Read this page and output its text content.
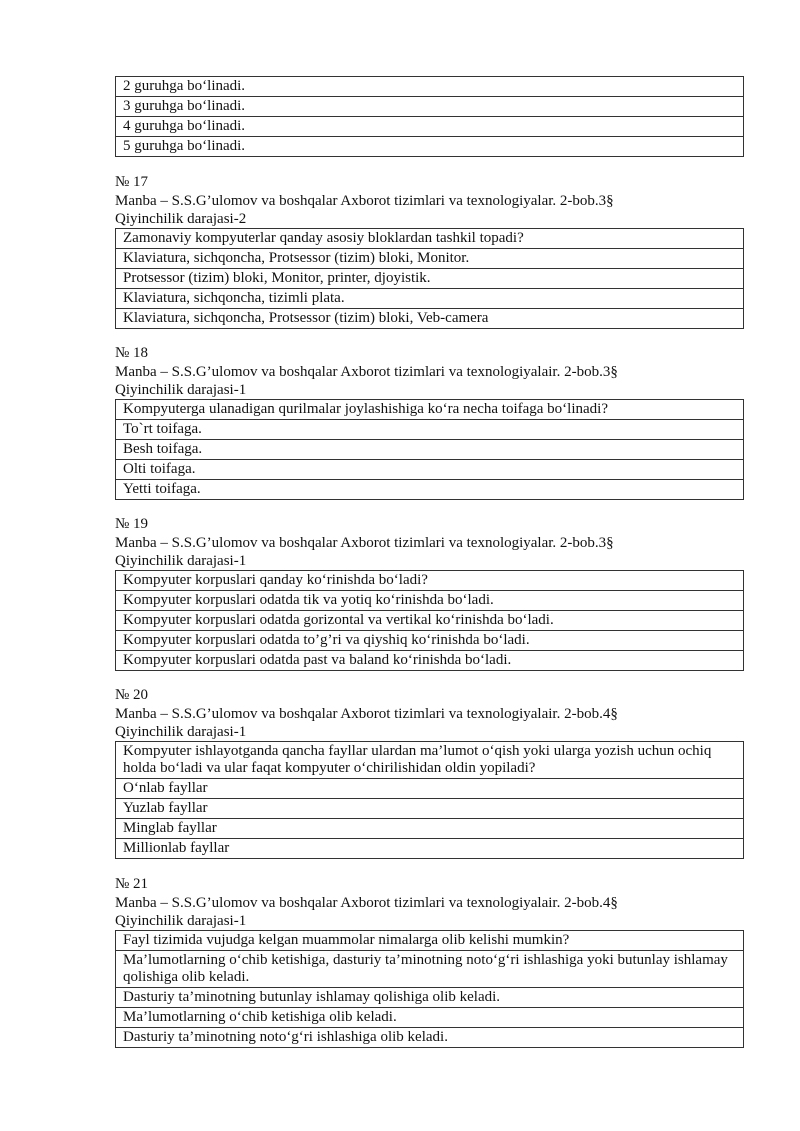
2 guruhga bo‘linadi.
3 guruhga bo‘linadi.
4 guruhga bo‘linadi.
5 guruhga bo‘linadi.
№ 17
Manba – S.S.G’ulomov va boshqalar Axborot tizimlari va texnologiyalar. 2-bob.3§
Qiyinchilik darajasi-2
Zamonaviy kompyuterlar qanday asosiy bloklardan tashkil topadi?
Klaviatura, sichqoncha, Protsessor (tizim) bloki, Monitor.
Protsessor (tizim) bloki, Monitor, printer, djoyistik.
Klaviatura, sichqoncha, tizimli plata.
Klaviatura, sichqoncha, Protsessor (tizim) bloki, Veb-camera
№ 18
Manba – S.S.G’ulomov va boshqalar Axborot tizimlari va texnologiyalair. 2-bob.3§
Qiyinchilik darajasi-1
Kompyuterga ulanadigan qurilmalar joylashishiga ko‘ra necha toifaga bo‘linadi?
To`rt toifaga.
Besh toifaga.
Olti toifaga.
Yetti toifaga.
№ 19
Manba – S.S.G’ulomov va boshqalar Axborot tizimlari va texnologiyalar. 2-bob.3§
Qiyinchilik darajasi-1
Kompyuter korpuslari qanday ko‘rinishda bo‘ladi?
Kompyuter korpuslari odatda tik va yotiq ko‘rinishda bo‘ladi.
Kompyuter korpuslari odatda gorizontal va vertikal ko‘rinishda bo‘ladi.
Kompyuter korpuslari odatda to’g’ri va qiyshiq ko‘rinishda bo‘ladi.
Kompyuter korpuslari odatda past va baland ko‘rinishda bo‘ladi.
№ 20
Manba – S.S.G’ulomov va boshqalar Axborot tizimlari va texnologiyalair. 2-bob.4§
Qiyinchilik darajasi-1
Kompyuter ishlayotganda qancha fayllar ulardan ma’lumot o‘qish yoki ularga yozish uchun ochiq holda bo‘ladi va ular faqat kompyuter o‘chirilishidan oldin yopiladi?
O‘nlab fayllar
Yuzlab fayllar
Minglab fayllar
Millionlab fayllar
№ 21
Manba – S.S.G’ulomov va boshqalar Axborot tizimlari va texnologiyalair. 2-bob.4§
Qiyinchilik darajasi-1
Fayl tizimida vujudga kelgan muammolar nimalarga olib kelishi mumkin?
Ma’lumotlarning o‘chib ketishiga, dasturiy ta’minotning noto‘g‘ri ishlashiga yoki butunlay ishlamay qolishiga olib keladi.
Dasturiy ta’minotning butunlay ishlamay qolishiga olib keladi.
Ma’lumotlarning o‘chib ketishiga olib keladi.
Dasturiy ta’minotning noto‘g‘ri ishlashiga olib keladi.
